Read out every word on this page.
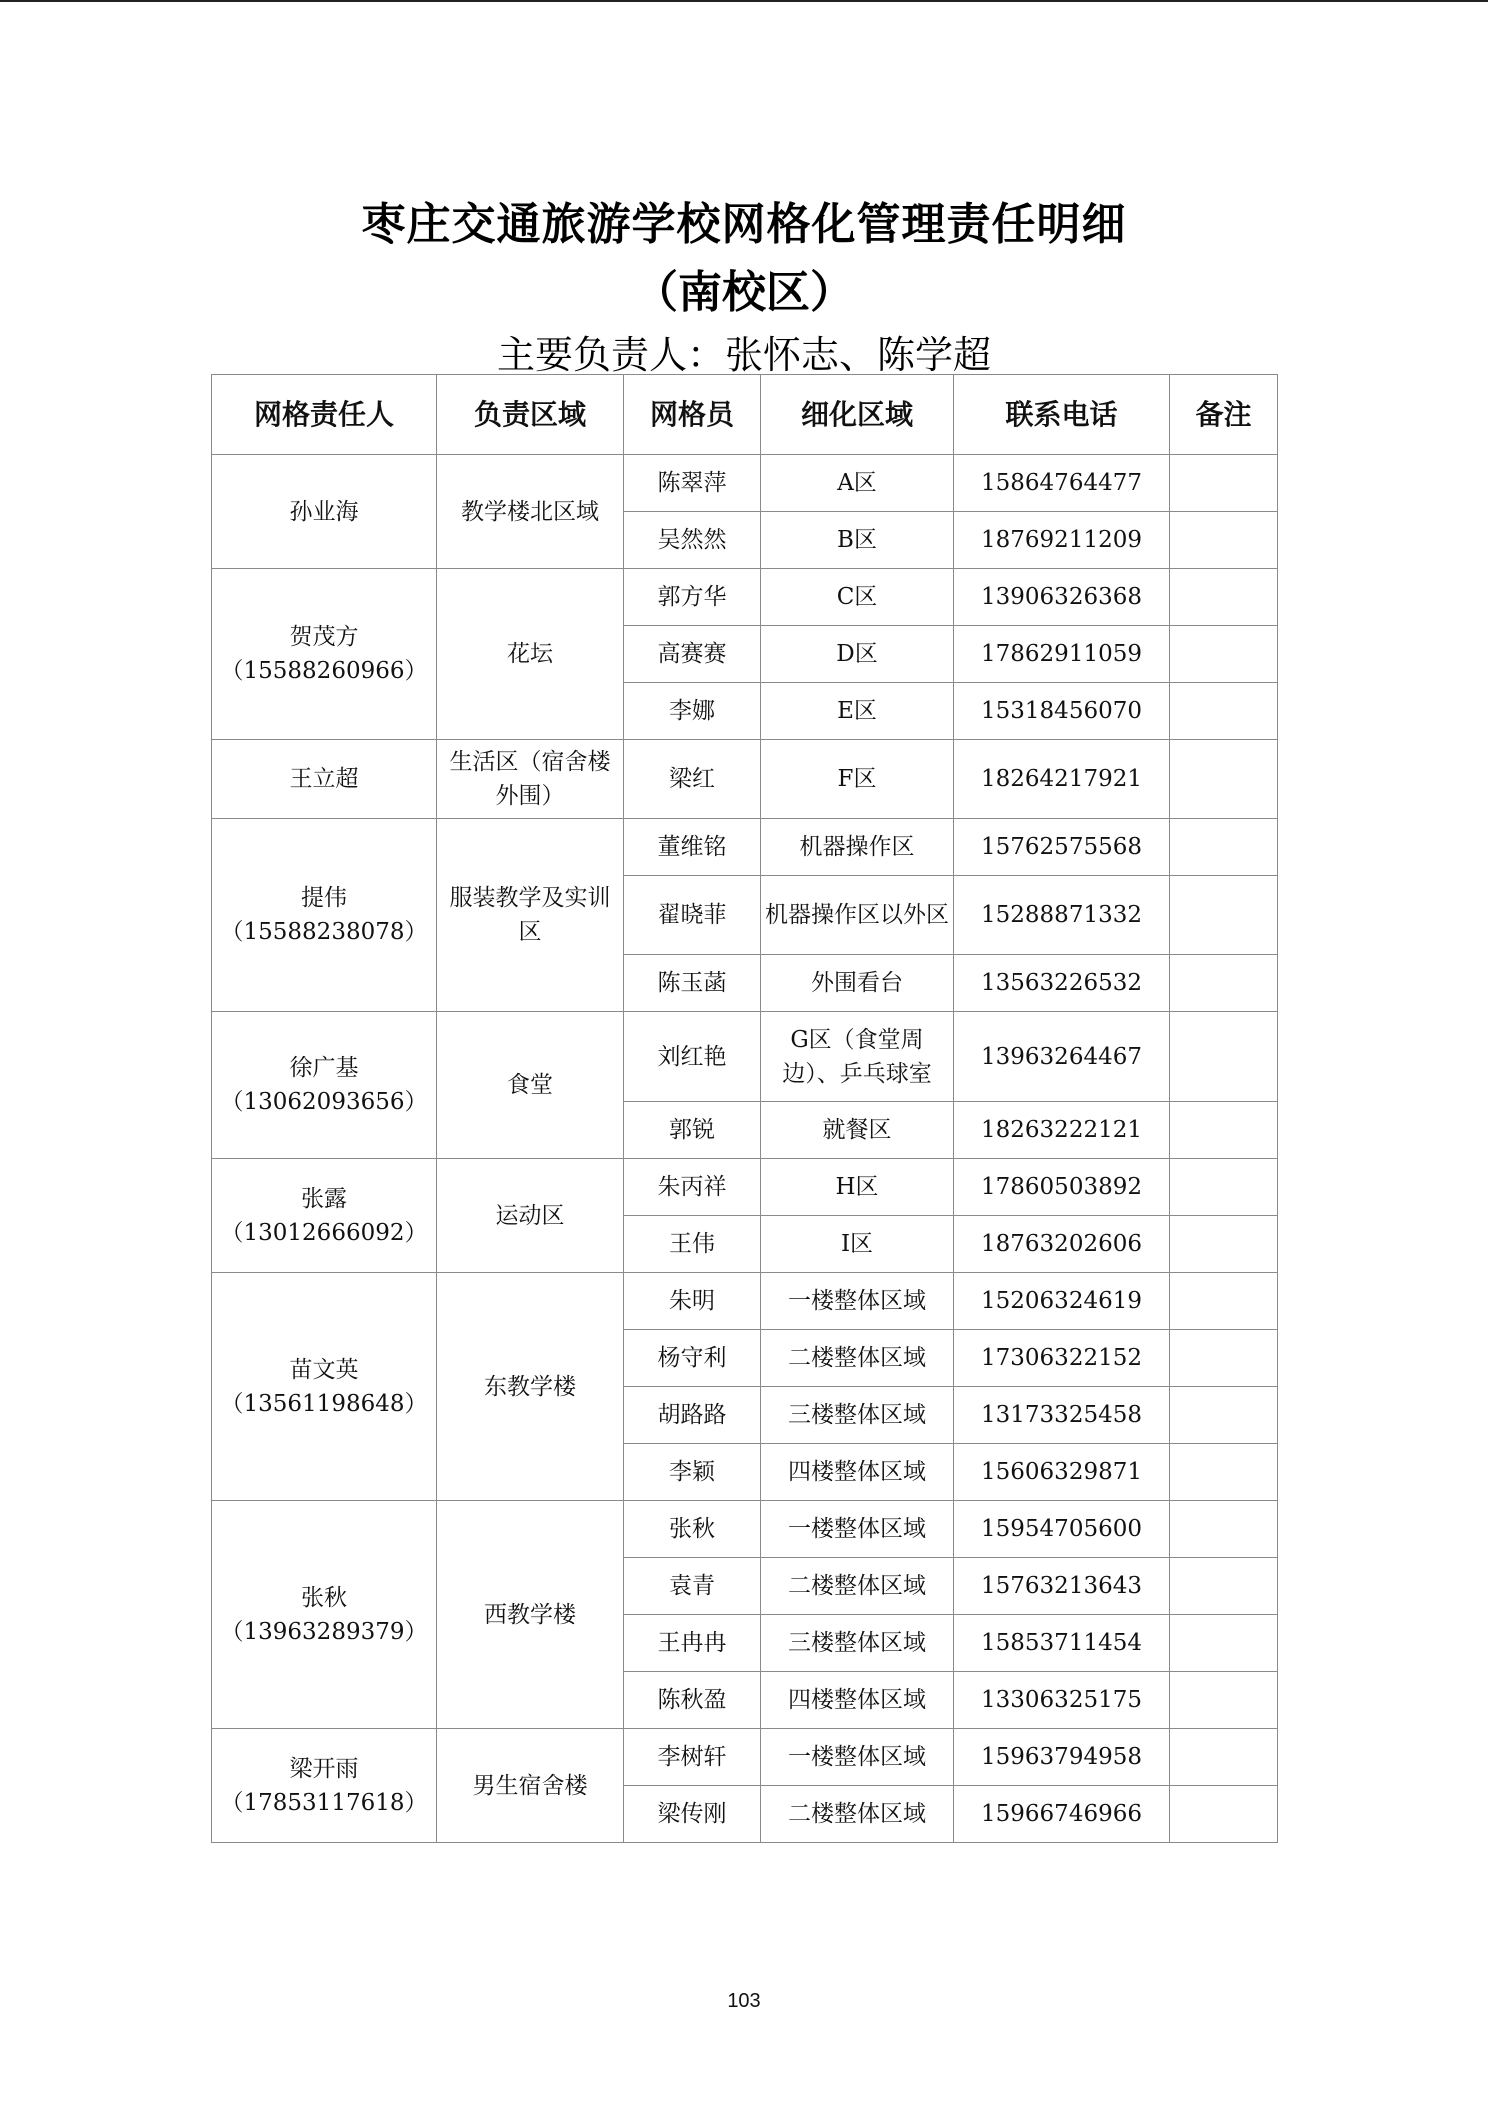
枣庄交通旅游学校网格化管理责任明细
（南校区）
主要负责人：张怀志、陈学超
网格责任人	负责区域	网格员	细化区域	联系电话	备注

孙业海	教学楼北区域	陈翠萍	A区	15864764477	
		吴然然	B区	18769211209	

贺茂方
（15588260966）	花坛	郭方华	C区	13906326368	
		高赛赛	D区	17862911059	
		李娜	E区	15318456070	

王立超	生活区（宿舍楼外围）	梁红	F区	18264217921	

提伟
（15588238078）	服装教学及实训区	董维铭	机器操作区	15762575568	
		翟晓菲	机器操作区以外区	15288871332	
		陈玉菡	外围看台	13563226532	

徐广基
（13062093656）	食堂	刘红艳	G区（食堂周边）、乒乓球室	13963264467	
		郭锐	就餐区	18263222121	

张露
（13012666092）	运动区	朱丙祥	H区	17860503892	
		王伟	I区	18763202606	

苗文英
（13561198648）	东教学楼	朱明	一楼整体区域	15206324619	
		杨守利	二楼整体区域	17306322152	
		胡路路	三楼整体区域	13173325458	
		李颖	四楼整体区域	15606329871	

张秋
（13963289379）	西教学楼	张秋	一楼整体区域	15954705600	
		袁青	二楼整体区域	15763213643	
		王冉冉	三楼整体区域	15853711454	
		陈秋盈	四楼整体区域	13306325175	

梁开雨
（17853117618）	男生宿舍楼	李树轩	一楼整体区域	15963794958	
		梁传刚	二楼整体区域	15966746966	
103
